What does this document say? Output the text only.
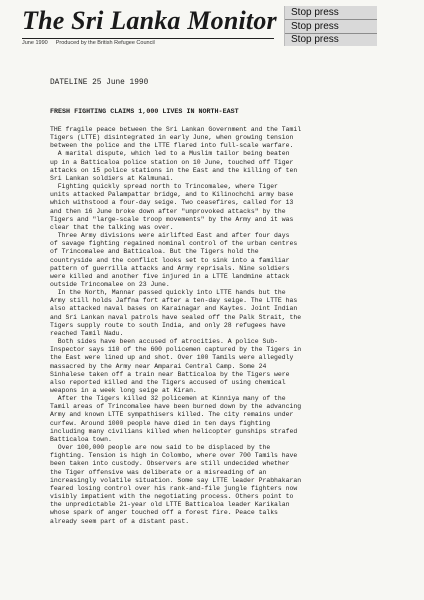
The Sri Lanka Monitor
June 1990 Produced by the British Refugee Council
Stop press
Stop press
Stop press
DATELINE 25 June 1990
FRESH FIGHTING CLAIMS 1,000 LIVES IN NORTH-EAST
THE fragile peace between the Sri Lankan Government and the Tamil
Tigers (LTTE) disintegrated in early June, when growing tension
between the police and the LTTE flared into full-scale warfare.
A marital dispute, which led to a Muslim tailor being beaten
up in a Batticaloa police station on 10 June, touched off Tiger
attacks on 15 police stations in the East and the killing of ten
Sri Lankan soldiers at Kalmunai.
Fighting quickly spread north to Trincomalee, where Tiger
units attacked Palampattar bridge, and to Kilinochchi army base
which withstood a four-day seige. Two ceasefires, called for 13
and then 16 June broke down after "unprovoked attacks" by the
Tigers and "large-scale troop movements" by the Army and it was
clear that the talking was over.
Three Army divisions were airlifted East and after four days
of savage fighting regained nominal control of the urban centres
of Trincomalee and Batticaloa. But the Tigers hold the
countryside and the conflict looks set to sink into a familiar
pattern of guerrilla attacks and Army reprisals. Nine soldiers
were killed and another five injured in a LTTE landmine attack
outside Trincomalee on 23 June.
In the North, Mannar passed quickly into LTTE hands but the
Army still holds Jaffna fort after a ten-day seige. The LTTE has
also attacked naval bases on Karainagar and Kaytes. Joint Indian
and Sri Lankan naval patrols have sealed off the Palk Strait, the
Tigers supply route to south India, and only 28 refugees have
reached Tamil Nadu.
Both sides have been accused of atrocities. A police Sub-
Inspector says 110 of the 600 policemen captured by the Tigers in
the East were lined up and shot. Over 100 Tamils were allegedly
massacred by the Army near Amparai Central Camp. Some 24
Sinhalese taken off a train near Batticaloa by the Tigers were
also reported killed and the Tigers accused of using chemical
weapons in a week long seige at Kiran.
After the Tigers killed 32 policemen at Kinniya many of the
Tamil areas of Trincomalee have been burned down by the advancing
Army and known LTTE sympathisers killed. The city remains under
curfew. Around 1000 people have died in ten days fighting
including many civilians killed when helicopter gunships strafed
Batticaloa town.
Over 100,000 people are now said to be displaced by the
fighting. Tension is high in Colombo, where over 700 Tamils have
been taken into custody. Observers are still undecided whether
the Tiger offensive was deliberate or a misreading of an
increasingly volatile situation. Some say LTTE leader Prabhakaran
feared losing control over his rank-and-file jungle fighters now
visibly impatient with the negotiating process. Others point to
the unpredictable 21-year old LTTE Batticaloa leader Karikalan
whose spark of anger touched off a forest fire. Peace talks
already seem part of a distant past.
